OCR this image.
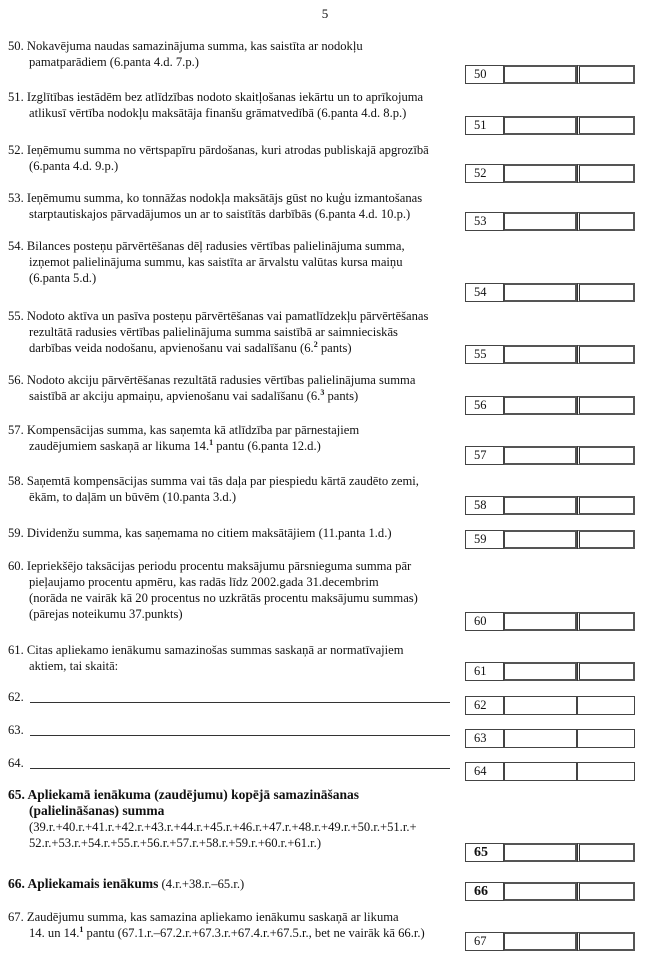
5
50. Nokavējuma naudas samazinājuma summa, kas saistīta ar nodokļu
pamatparādiem (6.panta 4.d. 7.p.)
50
51. Izglītības iestādēm bez atlīdzības nodoto skaitļošanas iekārtu un to aprīkojuma
atlikusī vērtība nodokļu maksātāja finanšu grāmatvedībā (6.panta 4.d. 8.p.)
51
52. Ieņēmumu summa no vērtspapīru pārdošanas, kuri atrodas publiskajā apgrozībā
(6.panta 4.d. 9.p.)	52
53. Ieņēmumu summa, ko tonnāžas nodokļa maksātājs gūst no kuģu izmantošanas
starptautiskajos pārvadājumos un ar to saistītās darbībās (6.panta 4.d. 10.p.)	53
54. Bilances posteņu pārvērtēšanas dēļ radusies vērtības palielinājuma summa,
izņemot palielinājuma summu, kas saistīta ar ārvalstu valūtas kursa maiņu
(6.panta 5.d.)
54
55. Nodoto aktīva un pasīva posteņu pārvērtēšanas vai pamatlīdzekļu pārvērtēšanas
rezultātā radusies vērtības palielinājuma summa saistībā ar saimnieciskās
darbības veida nodošanu, apvienošanu vai sadalīšanu (6.$^2$ pants)	55
56. Nodoto akciju pārvērtēšanas rezultātā radusies vērtības palielinājuma summa
saistībā ar akciju apmaiņu, apvienošanu vai sadalīšanu (6.$^3$ pants)
56
57. Kompensācijas summa, kas saņemta kā atlīdzība par pārnestajiem
zaudējumiem saskaņā ar likuma 14.$^1$ pantu (6.panta 12.d.)
57
58. Saņemtā kompensācijas summa vai tās daļa par piespiedu kārtā zaudēto zemi,
ēkām, to daļām un būvēm (10.panta 3.d.)
58
59. Dividenžu summa, kas saņemama no citiem maksātājiem (11.panta 1.d.)	59
60. Iepriekšējo taksācijas periodu procentu maksājumu pārsnieguma summa pār
pieļaujamo procentu apmēru, kas radās līdz 2002.gada 31.decembrim
(norāda ne vairāk kā 20 procentus no uzkrātās procentu maksājumu summas)
(pārejas noteikumu 37.punkts)	60
61. Citas apliekamo ienākumu samazinošas summas saskaņā ar normatīvajiem
aktiem, tai skaitā:	61
65. Apliekamā ienākuma (zaudējumu) kopējā samazināšanas
(palielināšanas) summa
(39.r.+40.r.+41.r.+42.r.+43.r.+44.r.+45.r.+46.r.+47.r.+48.r.+49.r.+50.r.+51.r.+
52.r.+53.r.+54.r.+55.r.+56.r.+57.r.+58.r.+59.r.+60.r.+61.r.)
65
66. Apliekamais ienākums (4.r.+38.r.–65.r.)	66
67. Zaudējumu summa, kas samazina apliekamo ienākumu saskaņā ar likuma
14. un 14.$^1$ pantu (67.1.r.–67.2.r.+67.3.r.+67.4.r.+67.5.r., bet ne vairāk kā 66.r.)
67
62.
62
63.
63
64.
64
